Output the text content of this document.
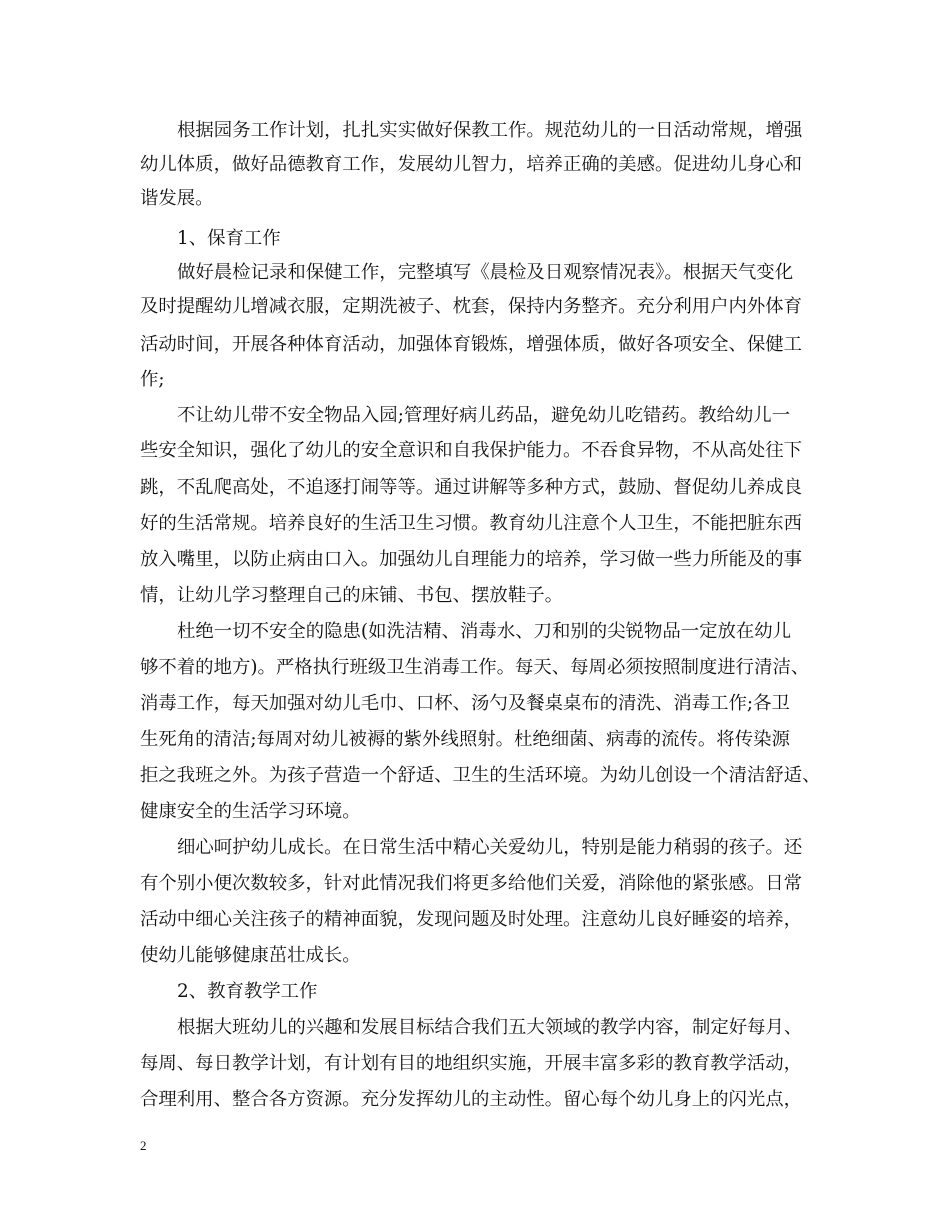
根据园务工作计划，扎扎实实做好保教工作。规范幼儿的一日活动常规，增强
幼儿体质，做好品德教育工作，发展幼儿智力，培养正确的美感。促进幼儿身心和
谐发展。
1、保育工作
做好晨检记录和保健工作，完整填写《晨检及日观察情况表》。根据天气变化
及时提醒幼儿增减衣服，定期洗被子、枕套，保持内务整齐。充分利用户内外体育
活动时间，开展各种体育活动，加强体育锻炼，增强体质，做好各项安全、保健工
作;
不让幼儿带不安全物品入园;管理好病儿药品，避免幼儿吃错药。教给幼儿一
些安全知识，强化了幼儿的安全意识和自我保护能力。不吞食异物，不从高处往下
跳，不乱爬高处，不追逐打闹等等。通过讲解等多种方式，鼓励、督促幼儿养成良
好的生活常规。培养良好的生活卫生习惯。教育幼儿注意个人卫生，不能把脏东西
放入嘴里，以防止病由口入。加强幼儿自理能力的培养，学习做一些力所能及的事
情，让幼儿学习整理自己的床铺、书包、摆放鞋子。
杜绝一切不安全的隐患(如洗洁精、消毒水、刀和别的尖锐物品一定放在幼儿
够不着的地方)。严格执行班级卫生消毒工作。每天、每周必须按照制度进行清洁、
消毒工作，每天加强对幼儿毛巾、口杯、汤勺及餐桌桌布的清洗、消毒工作;各卫
生死角的清洁;每周对幼儿被褥的紫外线照射。杜绝细菌、病毒的流传。将传染源
拒之我班之外。为孩子营造一个舒适、卫生的生活环境。为幼儿创设一个清洁舒适、
健康安全的生活学习环境。
细心呵护幼儿成长。在日常生活中精心关爱幼儿，特别是能力稍弱的孩子。还
有个别小便次数较多，针对此情况我们将更多给他们关爱，消除他的紧张感。日常
活动中细心关注孩子的精神面貌，发现问题及时处理。注意幼儿良好睡姿的培养，
使幼儿能够健康茁壮成长。
2、教育教学工作
根据大班幼儿的兴趣和发展目标结合我们五大领域的教学内容，制定好每月、
每周、每日教学计划，有计划有目的地组织实施，开展丰富多彩的教育教学活动，
合理利用、整合各方资源。充分发挥幼儿的主动性。留心每个幼儿身上的闪光点，
2
